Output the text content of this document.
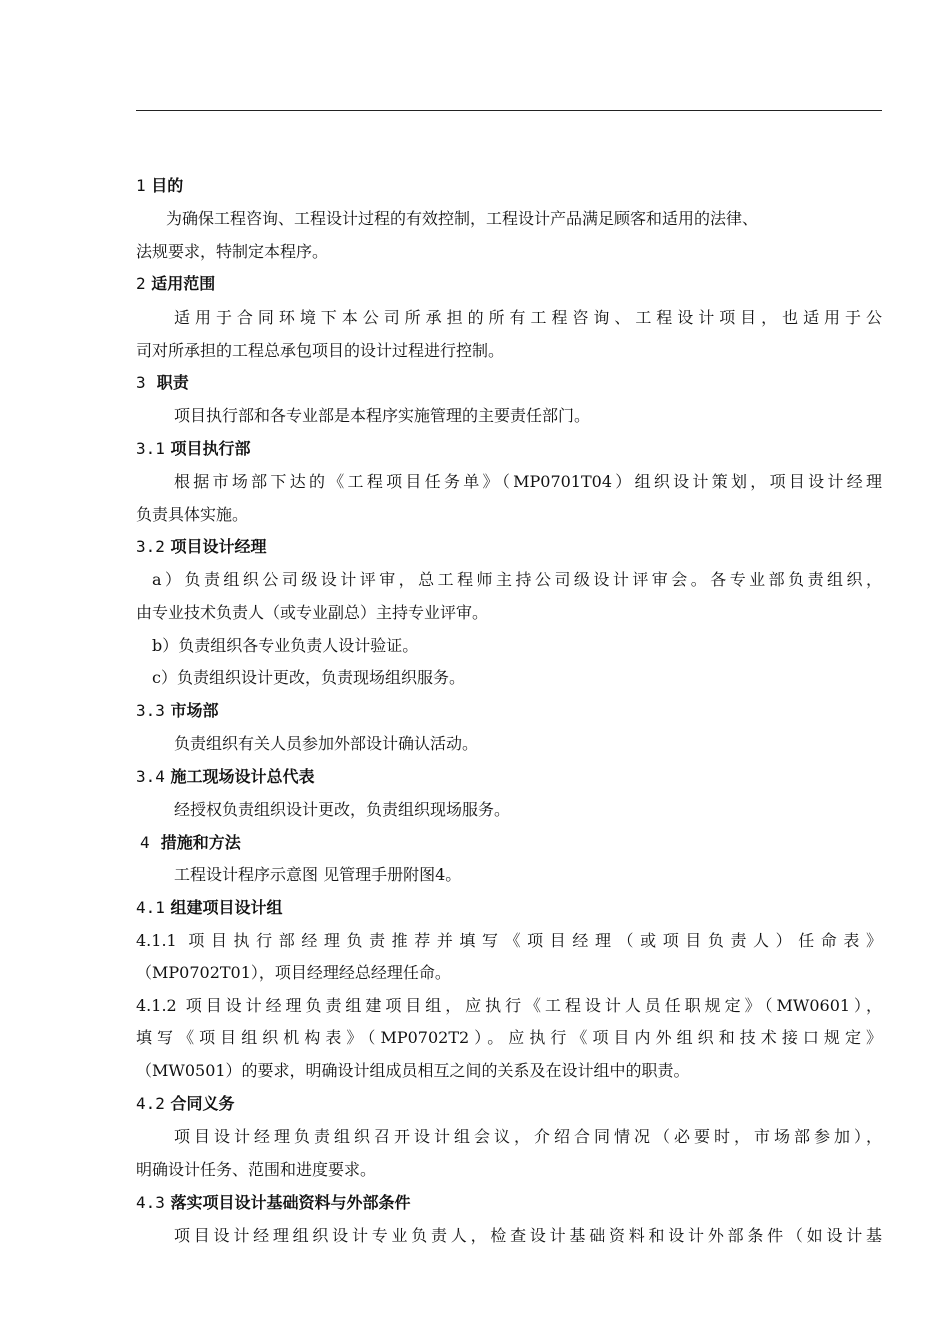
1 目的
为确保工程咨询、工程设计过程的有效控制，工程设计产品满足顾客和适用的法律、
法规要求，特制定本程序。
2 适用范围
适用于合同环境下本公司所承担的所有工程咨询、工程设计项目，也适用于公
司对所承担的工程总承包项目的设计过程进行控制。
3 职责
项目执行部和各专业部是本程序实施管理的主要责任部门。
3.1 项目执行部
根据市场部下达的《工程项目任务单》（MP0701T04）组织设计策划，项目设计经理
负责具体实施。
3.2 项目设计经理
a）负责组织公司级设计评审，总工程师主持公司级设计评审会。各专业部负责组织，
由专业技术负责人（或专业副总）主持专业评审。
b）负责组织各专业负责人设计验证。
c）负责组织设计更改，负责现场组织服务。
3.3 市场部
负责组织有关人员参加外部设计确认活动。
3.4 施工现场设计总代表
经授权负责组织设计更改，负责组织现场服务。
4 措施和方法
工程设计程序示意图 见管理手册附图4。
4.1 组建项目设计组
4.1.1 项目执行部经理负责推荐并填写《项目经理（或项目负责人）任命表》
（MP0702T01），项目经理经总经理任命。
4.1.2 项目设计经理负责组建项目组，应执行《工程设计人员任职规定》（MW0601），
填写《项目组织机构表》（MP0702T2）。应执行《项目内外组织和技术接口规定》
（MW0501）的要求，明确设计组成员相互之间的关系及在设计组中的职责。
4.2 合同义务
项目设计经理负责组织召开设计组会议，介绍合同情况（必要时，市场部参加），
明确设计任务、范围和进度要求。
4.3 落实项目设计基础资料与外部条件
项目设计经理组织设计专业负责人，检查设计基础资料和设计外部条件（如设计基
